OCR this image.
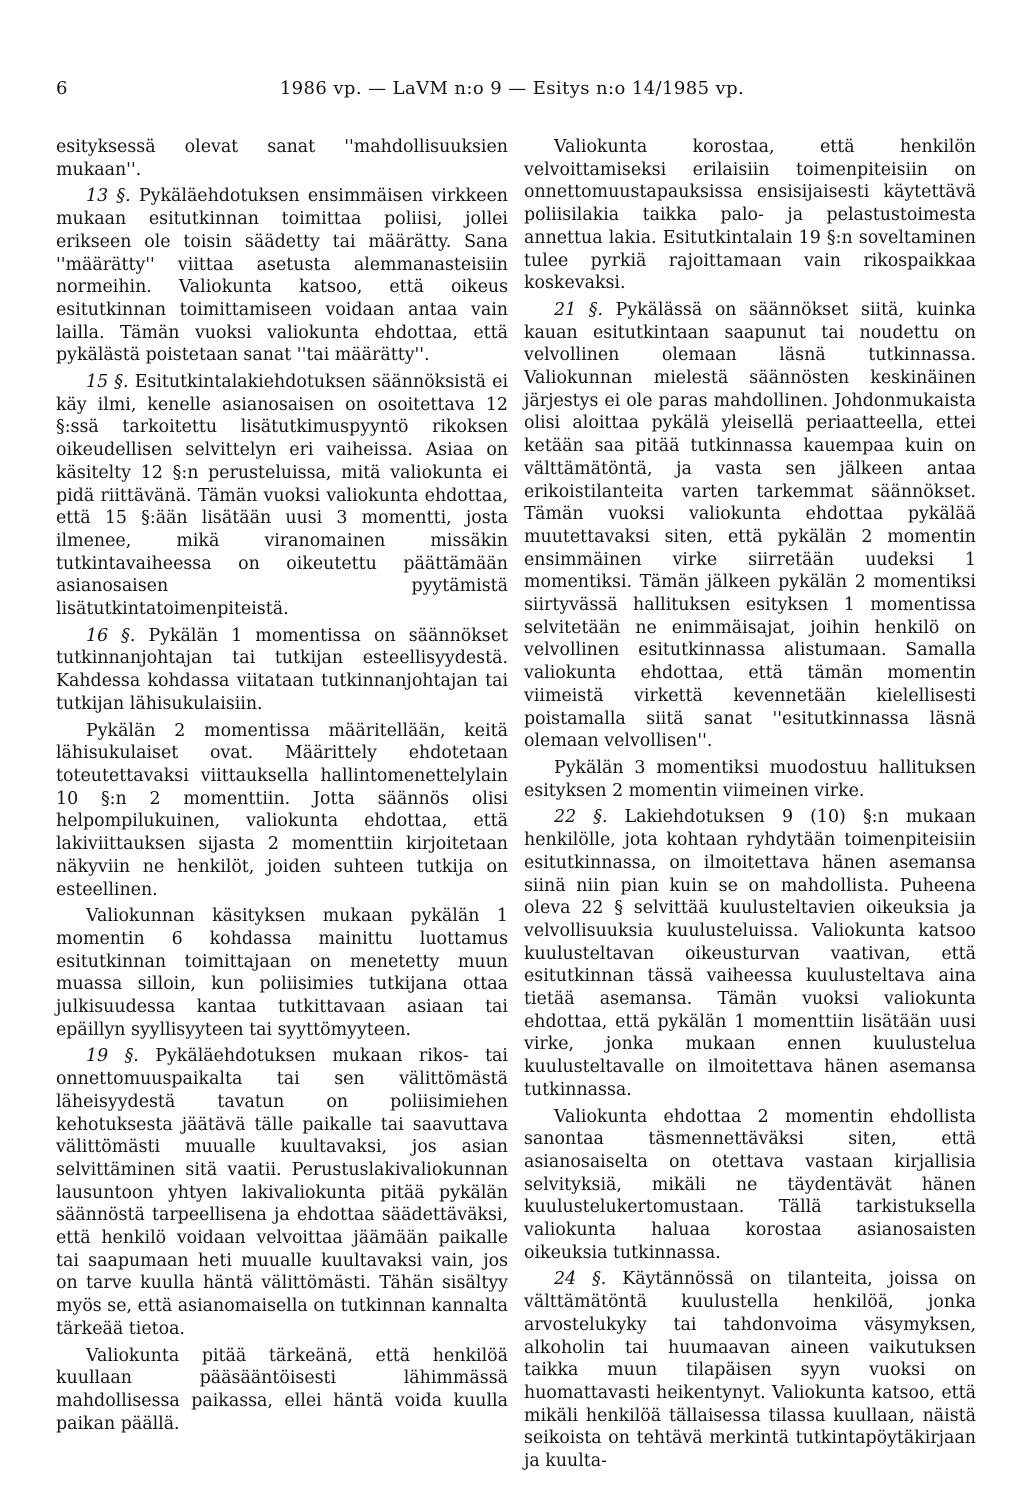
6	1986 vp. — LaVM n:o 9 — Esitys n:o 14/1985 vp.

esityksessä olevat sanat ''mahdollisuuksien mukaan''.

13 §. Pykäläehdotuksen ensimmäisen virkkeen mukaan esitutkinnan toimittaa poliisi, jollei erikseen ole toisin säädetty tai määrätty. Sana ''määrätty'' viittaa asetusta alemmanasteisiin normeihin. Valiokunta katsoo, että oikeus esitutkinnan toimittamiseen voidaan antaa vain lailla. Tämän vuoksi valiokunta ehdottaa, että pykälästä poistetaan sanat ''tai määrätty''.

15 §. Esitutkintalakiehdotuksen säännöksistä ei käy ilmi, kenelle asianosaisen on osoitettava 12 §:ssä tarkoitettu lisätutkimuspyyntö rikoksen oikeudellisen selvittelyn eri vaiheissa. Asiaa on käsitelty 12 §:n perusteluissa, mitä valiokunta ei pidä riittävänä. Tämän vuoksi valiokunta ehdottaa, että 15 §:ään lisätään uusi 3 momentti, josta ilmenee, mikä viranomainen missäkin tutkintavaiheessa on oikeutettu päättämään asianosaisen pyytämistä lisätutkintatoimenpiteistä.

16 §. Pykälän 1 momentissa on säännökset tutkinnanjohtajan tai tutkijan esteellisyydestä. Kahdessa kohdassa viitataan tutkinnanjohtajan tai tutkijan lähisukulaisiin.

Pykälän 2 momentissa määritellään, keitä lähisukulaiset ovat. Määrittely ehdotetaan toteutettavaksi viittauksella hallintomenettelylain 10 §:n 2 momenttiin. Jotta säännös olisi helpompilukuinen, valiokunta ehdottaa, että lakiviittauksen sijasta 2 momenttiin kirjoitetaan näkyviin ne henkilöt, joiden suhteen tutkija on esteellinen.

Valiokunnan käsityksen mukaan pykälän 1 momentin 6 kohdassa mainittu luottamus esitutkinnan toimittajaan on menetetty muun muassa silloin, kun poliisimies tutkijana ottaa julkisuudessa kantaa tutkittavaan asiaan tai epäillyn syyllisyyteen tai syyttömyyteen.

19 §. Pykäläehdotuksen mukaan rikos- tai onnettomuuspaikalta tai sen välittömästä läheisyydestä tavatun on poliisimiehen kehotuksesta jäätävä tälle paikalle tai saavuttava välittömästi muualle kuultavaksi, jos asian selvittäminen sitä vaatii. Perustuslakivaliokunnan lausuntoon yhtyen lakivaliokunta pitää pykälän säännöstä tarpeellisena ja ehdottaa säädettäväksi, että henkilö voidaan velvoittaa jäämään paikalle tai saapumaan heti muualle kuultavaksi vain, jos on tarve kuulla häntä välittömästi. Tähän sisältyy myös se, että asianomaisella on tutkinnan kannalta tärkeää tietoa.

Valiokunta pitää tärkeänä, että henkilöä kuullaan pääsääntöisesti lähimmässä mahdollisessa paikassa, ellei häntä voida kuulla paikan päällä.

Valiokunta korostaa, että henkilön velvoittamiseksi erilaisiin toimenpiteisiin on onnettomuustapauksissa ensisijaisesti käytettävä poliisilakia taikka palo- ja pelastustoimesta annettua lakia. Esitutkintalain 19 §:n soveltaminen tulee pyrkiä rajoittamaan vain rikospaikkaa koskevaksi.

21 §. Pykälässä on säännökset siitä, kuinka kauan esitutkintaan saapunut tai noudettu on velvollinen olemaan läsnä tutkinnassa. Valiokunnan mielestä säännösten keskinäinen järjestys ei ole paras mahdollinen. Johdonmukaista olisi aloittaa pykälä yleisellä periaatteella, ettei ketään saa pitää tutkinnassa kauempaa kuin on välttämätöntä, ja vasta sen jälkeen antaa erikoistilanteita varten tarkemmat säännökset. Tämän vuoksi valiokunta ehdottaa pykälää muutettavaksi siten, että pykälän 2 momentin ensimmäinen virke siirretään uudeksi 1 momentiksi. Tämän jälkeen pykälän 2 momentiksi siirtyvässä hallituksen esityksen 1 momentissa selvitetään ne enimmäisajat, joihin henkilö on velvollinen esitutkinnassa alistumaan. Samalla valiokunta ehdottaa, että tämän momentin viimeistä virkettä kevennetään kielellisesti poistamalla siitä sanat ''esitutkinnassa läsnä olemaan velvollisen''.

Pykälän 3 momentiksi muodostuu hallituksen esityksen 2 momentin viimeinen virke.

22 §. Lakiehdotuksen 9 (10) §:n mukaan henkilölle, jota kohtaan ryhdytään toimenpiteisiin esitutkinnassa, on ilmoitettava hänen asemansa siinä niin pian kuin se on mahdollista. Puheena oleva 22 § selvittää kuulusteltavien oikeuksia ja velvollisuuksia kuulusteluissa. Valiokunta katsoo kuulusteltavan oikeusturvan vaativan, että esitutkinnan tässä vaiheessa kuulusteltava aina tietää asemansa. Tämän vuoksi valiokunta ehdottaa, että pykälän 1 momenttiin lisätään uusi virke, jonka mukaan ennen kuulustelua kuulusteltavalle on ilmoitettava hänen asemansa tutkinnassa.

Valiokunta ehdottaa 2 momentin ehdollista sanontaa täsmennettäväksi siten, että asianosaiselta on otettava vastaan kirjallisia selvityksiä, mikäli ne täydentävät hänen kuulustelukertomustaan. Tällä tarkistuksella valiokunta haluaa korostaa asianosaisten oikeuksia tutkinnassa.

24 §. Käytännössä on tilanteita, joissa on välttämätöntä kuulustella henkilöä, jonka arvostelukyky tai tahdonvoima väsymyksen, alkoholin tai huumaavan aineen vaikutuksen taikka muun tilapäisen syyn vuoksi on huomattavasti heikentynyt. Valiokunta katsoo, että mikäli henkilöä tällaisessa tilassa kuullaan, näistä seikoista on tehtävä merkintä tutkintapöytäkirjaan ja kuulta-
